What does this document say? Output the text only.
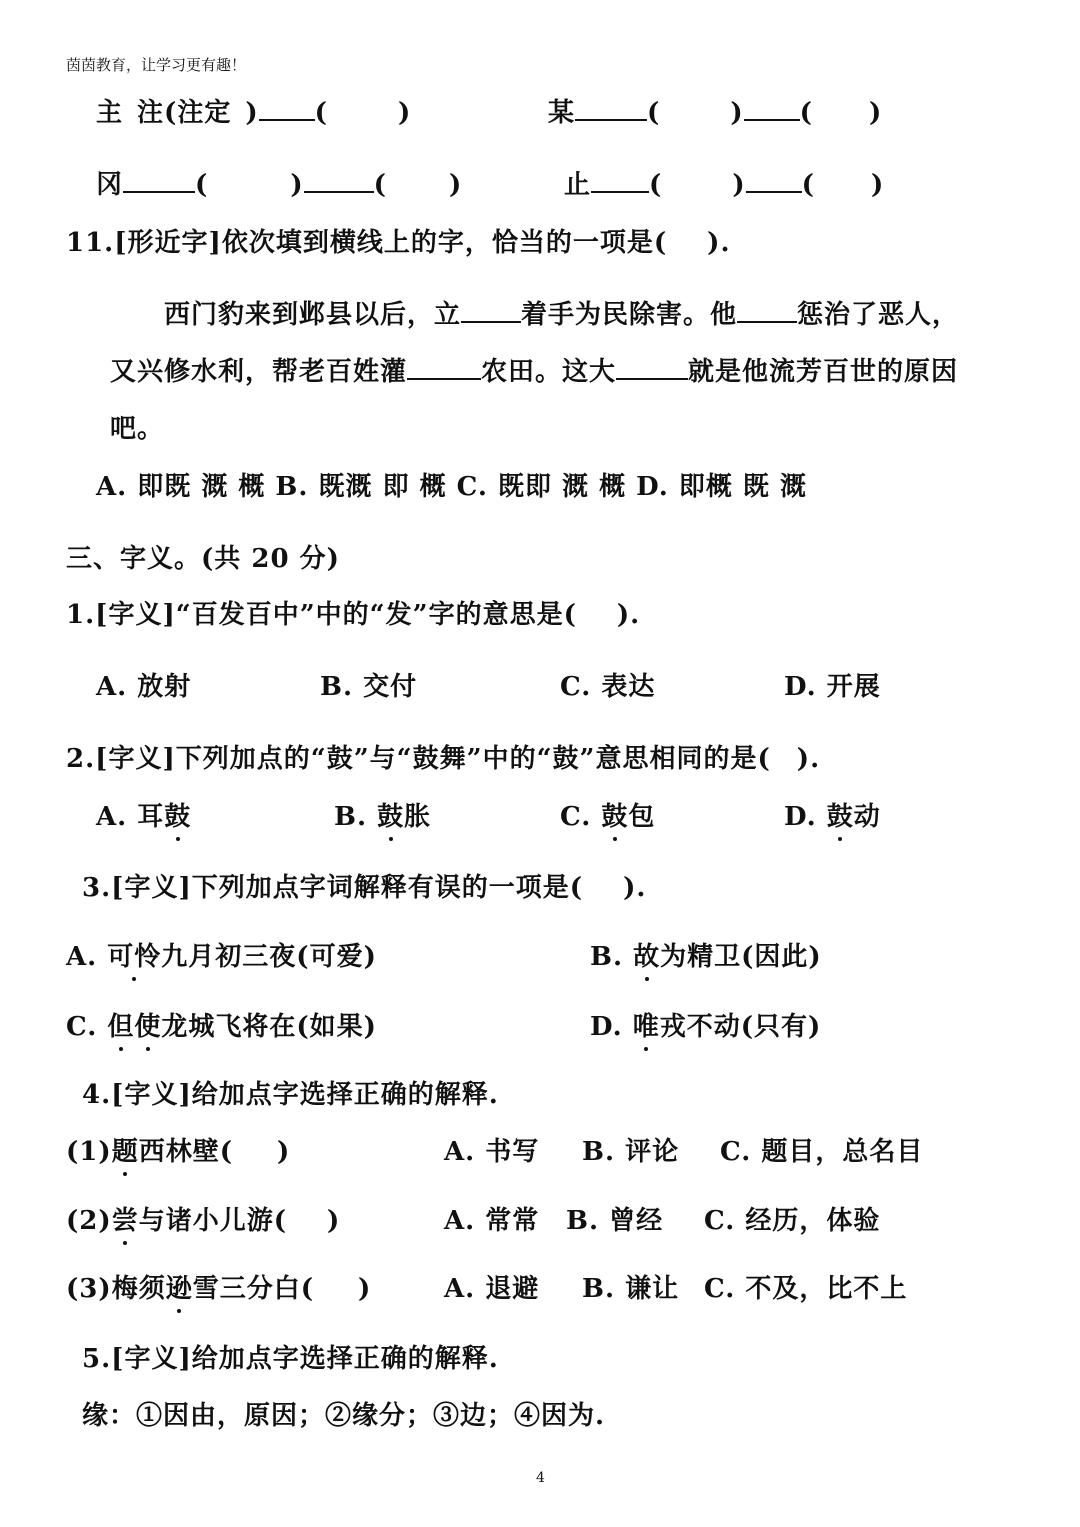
茵茵教育，让学习更有趣！
主 注(注定 ) (	)	某	(	) ( )
冈	(	)	( )	止 (	) ( )
11.[形近字]依次填到横线上的字，恰当的一项是( ).
西门豹来到邺县以后，立 着手为民除害。他 惩治了恶人，
又兴修水利，帮老百姓灌	农田。这大	就是他流芳百世的原因
吧。
A. 即既 溉 概 B. 既溉 即 概 C. 既即 溉 概 D. 即概 既 溉
三、字义。(共 20 分)
1.[字义]“百发百中”中的“发”字的意思是( ).
A. 放射	B. 交付	C. 表达	D. 开展
2.[字义]下列加点的“鼓”与“鼓舞”中的“鼓”意思相同的是( ).
A. 耳鼓	B. 鼓胀	C. 鼓包	D. 鼓动
3.[字义]下列加点字词解释有误的一项是( ).
A. 可怜九月初三夜(可爱)	B. 故为精卫(因此)
C. 但使龙城飞将在(如果)	D. 唯戎不动(只有)
4.[字义]给加点字选择正确的解释.
(1)题西林壁( )	A. 书写 B. 评论 C. 题目，总名目
(2)尝与诸小儿游( )	A. 常常 B. 曾经 C. 经历，体验
(3)梅须逊雪三分白( )	A. 退避 B. 谦让 C. 不及，比不上
5.[字义]给加点字选择正确的解释.
缘：①因由，原因；②缘分；③边；④因为.
4
